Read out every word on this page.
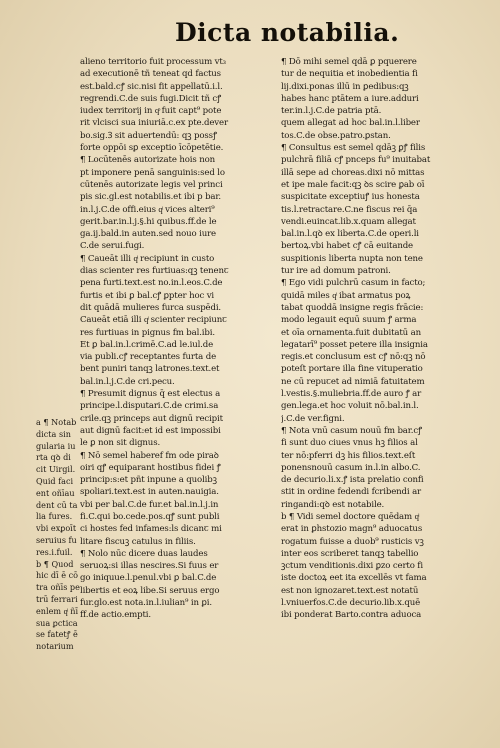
Dicta notabilia.
a ¶ Notab
dicta sin
gularia iu
rta qꝺ di
cit Uirgil.
Quid faci
ent oñīau
dent cū ta
lia fures.
vbi exꝑoīt
seruius fu
res.i.fuil.
b ¶ Quod
hic dī ē cō
tra oñīs pe
trū ferrari
enlem qͥ ñī
sua ꝑctica
se fatetꝭ ē
notarium
alieno territorio fuit processum vt₃
ad executionē tñ teneat qd factus
est.bald.cꝭ sic.nisi fit appellatū.i.l.
regrendi.C.de suis fugi.Dicit tñ cꝭ
iudex territorij in qͦ fuit capt⁹ pote
rit vlcisci sua iniuriā.c.ex pte.dever
bo.sig.Ꝫ sit aduertendū: qꝫ possꝭ
forte oppōi sꝑ exceptio īcōpetētie.
¶ Locūtenēs autorizate hois non
pt imponere penā sanguinis:sed lo
cūtenēs autorizate legis vel princi
pis sic.gl.est notabilis.et ibi p bar.
in.l.j.C.de offi.eius qͥ vices alteri⁹
gerit.bar.in.l.j.§.hi quibus.ff.de le
ga.ij.bald.in auten.sed nouo iure
C.de serui.fugi.
¶ Caueāt illi qͥ recipiunt in custo
dias scienter res furtiuas:qꝫ tenenꞇ
pena furti.text.est no.in.l.eos.C.de
furtis et ibi ꝑ bal.cꝭ ꝑpter hoc vi
dit quādā mulieres furca suspēdi.
Caueāt etiā illi qͥ scienter recipiunꞇ
res furtiuas in pignus fm bal.ibi.
Et ꝑ bal.in.l.crimē.C.ad le.iul.de
via publi.cꝭ receptantes furta de
bent puniri tanqꝫ latrones.text.et
bal.in.l.j.C.de cri.pecu.
¶ Presumit dignus q̄ est electus a
principe.l.disputari.C.de crimi.sa
crile.qꝫ princeps aut dignū recipit
aut dignū facit:et id est impossibi
le ꝑ non sit dignus.
¶ Nō semel haberef fm ode piraꝺ
oiri qꝭ equiparant hostibus fidei ꝭ
princip:s:et pñt inpune a quolibꝫ
spoliari.text.est in auten.nauigia.
vbi per bal.C.de fur.et bal.in.l.j.in
fi.C.qui bo.cede.pos.qꝭ sunt publi
ci hostes fed infames:ls dicanꞇ mi
litare fiscuꝫ catulus in filiis.
¶ Nolo nūc dicere duas laudes
seruoꝝ:si illas nescires.Si fuus er
go iniquue.l.penul.vbi ꝑ bal.C.de
libertis et eoꝝ libe.Si seruus ergo
fur.glo.est nota.in.l.iulian⁹ in ꝑi.
ff.de actio.empti.
¶ Dō mihi semel qdā ꝑ pquerere
tur de nequitia et inobedientia fi
lij.dixi.ponas illū in ꝑedibus:qꝫ
habes hanc ptātem a iure.adduri
ter.in.l.j.C.de patria ptā.
quem allegat ad hoc bal.in.l.liber
tos.C.de obse.patro.ꝑstan.
¶ Consultus est semel qdāꝫ ꝑꝭ filis
pulchrā filiā cꝭ pnceps fu⁹ inuitabat
illā sepe ad choreas.dixi nō mittas
et ipe male facit:qꝫ ꝺs scire ꝑab oī
suspicitate exceptiuꝭ ius honesta
tis.l.retractare.C.ne fiscus rei q̄a
vendi.euincat.lib.x.quam allegat
bal.in.l.qꝺ ex liberta.C.de operi.li
bertoꝝ.vbi habet cꝭ cā euitande
suspitionis liberta nupta non tene
tur ire ad domum patroni.
¶ Ego vidi pulchrū casum in facto;
quidā miles qͥ ibat armatus poꝝ
tabat quoddā insigne regis frācie:
modo legauit equū suum ꝭ arma
et oīa ornamenta.fuit dubitatū an
legatarī⁹ posset petere illa insignia
regis.et conclusum est cꝭ nō:qꝫ nō
poteſt portare illa fine vituperatio
ne cū repuꞇet ad nimiā fatuitatem
l.vestis.§.muliebria.ff.de auro ꝭ ar
gen.lega.et hoc voluit nō.bal.in.l.
j.C.de ver.figni.
¶ Nota vnū casum nouū fm bar.cꝭ
fi sunt duo ciues vnus hꝫ filios al
ter nō:pferri dꝫ his filios.text.eſt
ponensnouū casum in.l.in albo.C.
de decurio.li.x.ꝭ ista prelatio confi
stit in ordine fedendi fcribendi ar
ringandi:qꝺ est notabile.
b ¶ Vidi semel doctore quēdam qͥ
erat in ꝑhstozio magn⁹ aduocatus
rogatum fuisse a duob⁹ rusticis vꝫ
inter eos scriberet tanqꝫ tabellio
ꝫctum venditionis.dixi ꝑzo certo fi
iste doctoꝝ eet ita excellēs vt fama
est non ignozaret.text.est notatū
l.vniuerfos.C.de decurio.lib.x.quē
ibi ponderat Barto.contra aduoca
